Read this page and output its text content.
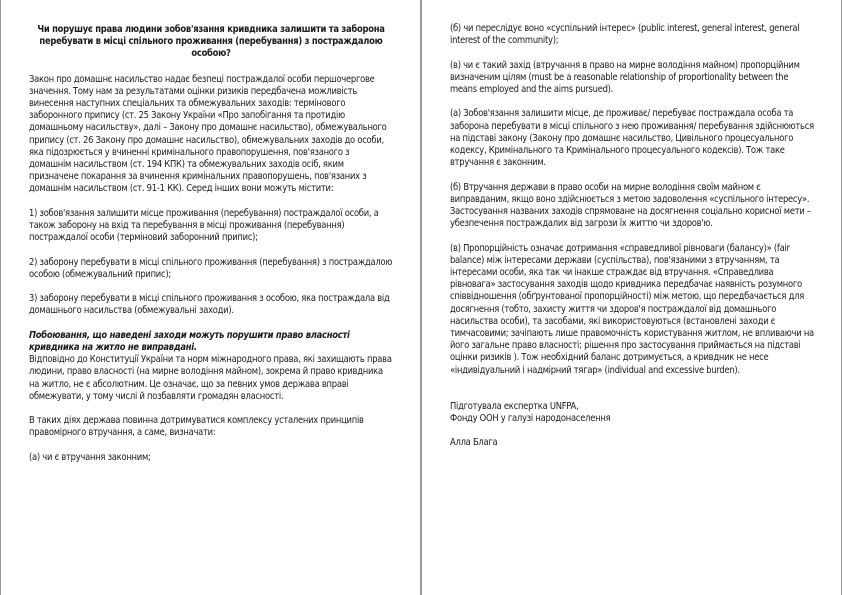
Чи порушує права людини зобов'язання кривдника залишити та заборона перебувати в місці спільного проживання (перебування) з постраждалою особою?

Закон про домашнє насильство надає безпеці постраждалої особи першочергове значення. Тому нам за результатами оцінки ризиків передбачена можливість винесення наступних спеціальних та обмежувальних заходів: термінового заборонного припису (ст. 25 Закону України «Про запобігання та протидію домашньому насильству», далі – Закону про домашнє насильство), обмежувального припису (ст. 26 Закону про домашнє насильство), обмежувальних заходів до особи, яка підозрюється у вчиненні кримінального правопорушення, пов'язаного з домашнім насильством (ст. 194 КПК) та обмежувальних заходів осіб, яким призначене покарання за вчинення кримінальних правопорушень, пов'язаних з домашнім насильством (ст. 91-1 КК). Серед інших вони можуть містити:

1) зобов'язання залишити місце проживання (перебування) постраждалої особи, а також заборону на вхід та перебування в місці проживання (перебування) постраждалої особи (терміновий заборонний припис);

2) заборону перебувати в місці спільного проживання (перебування) з постраждалою особою (обмежувальний припис);

3) заборону перебувати в місці спільного проживання з особою, яка постраждала від домашнього насильства (обмежувальні заходи).

Побоювання, що наведені заходи можуть порушити право власності кривдника на житло не виправдані.

Відповідно до Конституції України та норм міжнародного права, які захищають права людини, право власності (на мирне володіння майном), зокрема й право кривдника на житло, не є абсолютним. Це означає, що за певних умов держава вправі обмежувати, у тому числі й позбавляти громадян власності.

В таких діях держава повинна дотримуватися комплексу усталених принципів правомірного втручання, а саме, визначати:

(а) чи є втручання законним;

(б) чи переслідує воно «суспільний інтерес» (public interest, general interest, general interest of the community);

(в) чи є такий захід (втручання в право на мирне володіння майном) пропорційним визначеним цілям (must be a reasonable relationship of proportionality between the means employed and the aims pursued).

(а) Зобов'язання залишити місце, де проживає/ перебуває постраждала особа та заборона перебувати в місці спільного з нею проживання/ перебування здійснюються на підставі закону (Закону про домашнє насильство, Цивільного процесуального кодексу, Кримінального та Кримінального процесуального кодексів). Тож таке втручання є законним.

(б) Втручання держави в право особи на мирне володіння своїм майном є виправданим, якщо воно здійснюється з метою задоволення «суспільного інтересу». Застосування названих заходів спрямоване на досягнення соціально корисної мети – убезпечення постраждалих від загрози їх життю чи здоров'ю.

(в) Пропорційність означає дотримання «справедливої рівноваги (балансу)» (fair balance) між інтересами держави (суспільства), пов'язаними з втручанням, та інтересами особи, яка так чи інакше страждає від втручання. «Справедлива рівновага» застосування заходів щодо кривдника передбачає наявність розумного співвідношення (обґрунтованої пропорційності) між метою, що передбачається для досягнення (тобто, захисту життя чи здоров'я постраждалої від домашнього насильства особи), та засобами, які використовуються (встановлені заходи є тимчасовими; зачіпають лише правомочність користування житлом, не впливаючи на його загальне право власності; рішення про застосування приймається на підставі оцінки ризиків ). Тож необхідний баланс дотримується, а кривдник не несе «індивідуальний і надмірний тягар» (individual and excessive burden).

Підготувала експертка UNFPA,

Фонду ООН у галузі народонаселення

Алла Блага
